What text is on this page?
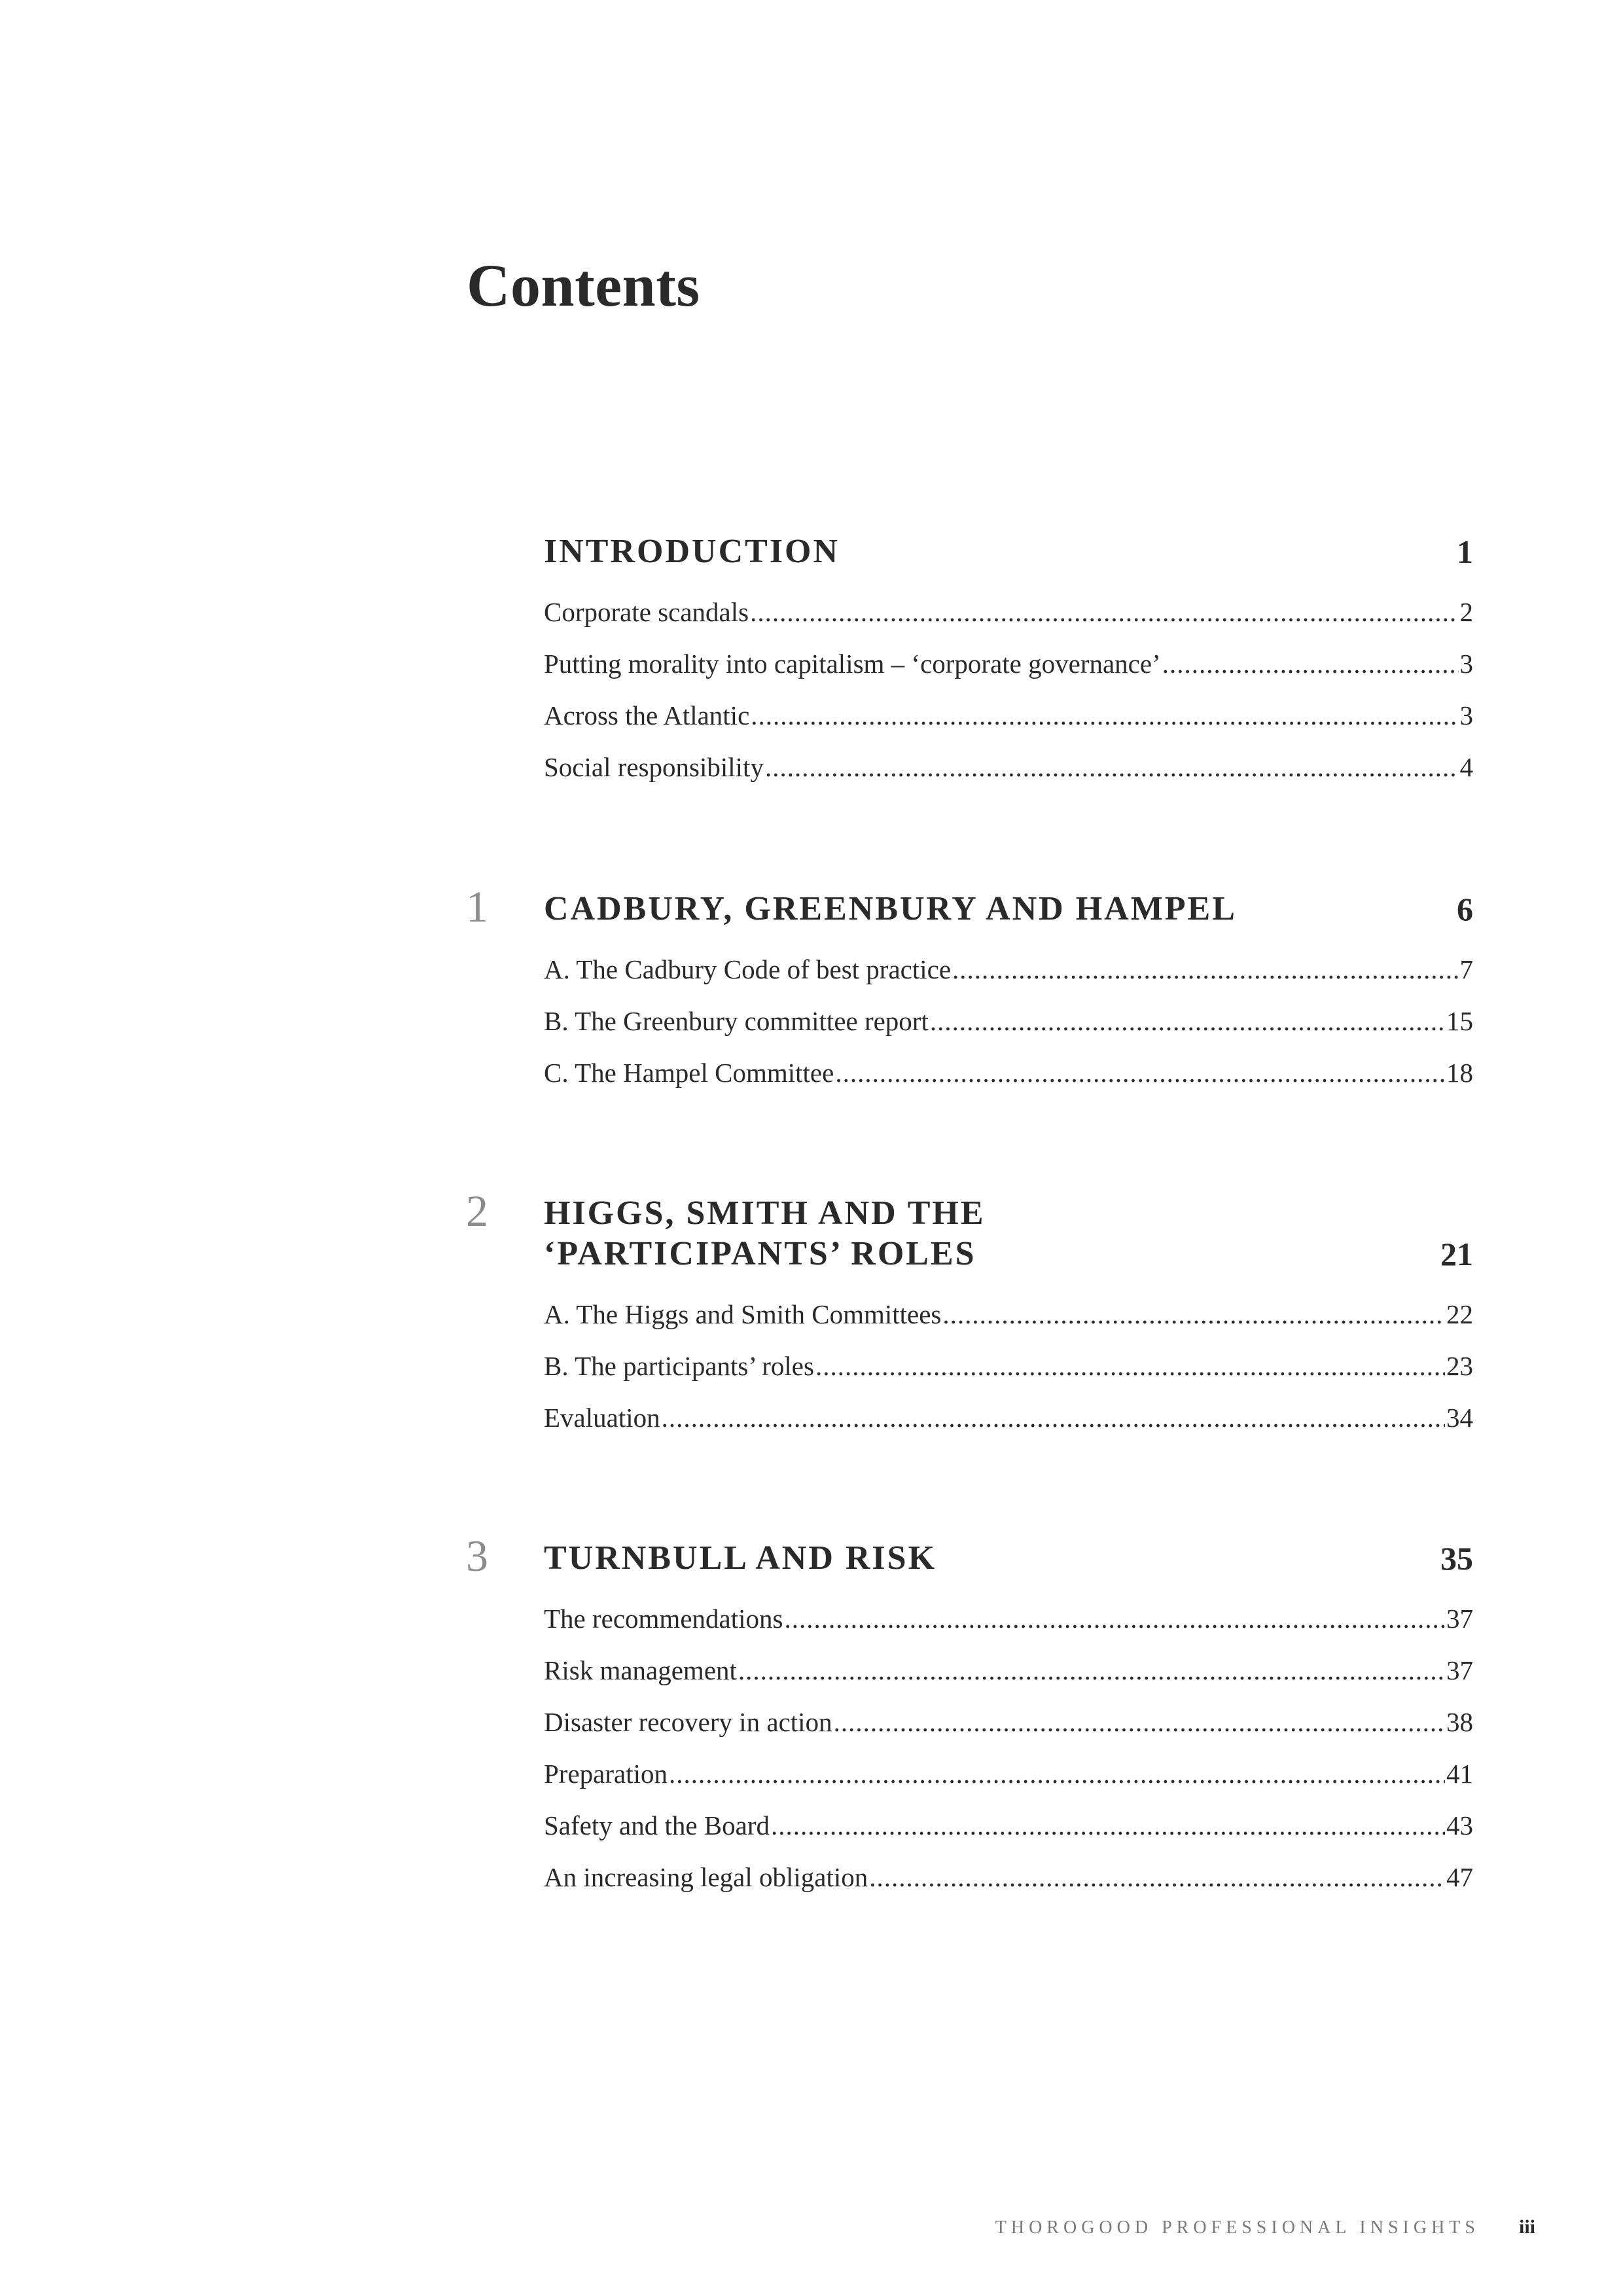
Contents
INTRODUCTION	1
Corporate scandals .....	2
Putting morality into capitalism – ‘corporate governance’ .....	3
Across the Atlantic .....	3
Social responsibility .....	4
1 CADBURY, GREENBURY AND HAMPEL	6
A. The Cadbury Code of best practice .....	7
B. The Greenbury committee report .....	15
C. The Hampel Committee .....	18
2 HIGGS, SMITH AND THE
‘PARTICIPANTS’ ROLES	21
A. The Higgs and Smith Committees .....	22
B. The participants’ roles .....	23
Evaluation .....	34
3 TURNBULL AND RISK	35
The recommendations .....	37
Risk management .....	37
Disaster recovery in action .....	38
Preparation .....	41
Safety and the Board .....	43
An increasing legal obligation .....	47
THOROGOOD PROFESSIONAL INSIGHTS iii
